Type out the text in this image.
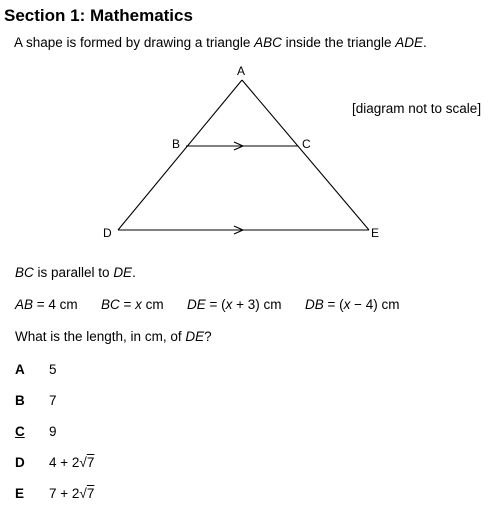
Section 1: Mathematics
A shape is formed by drawing a triangle ABC inside the triangle ADE.
A
B	C
D	E
[diagram not to scale]
BC is parallel to DE.
AB = 4 cm BC = x cm DE = (x + 3) cm DB = (x − 4) cm
What is the length, in cm, of DE?
A 5
B 7
C 9
D 4 + 2√7
E 7 + 2√7
